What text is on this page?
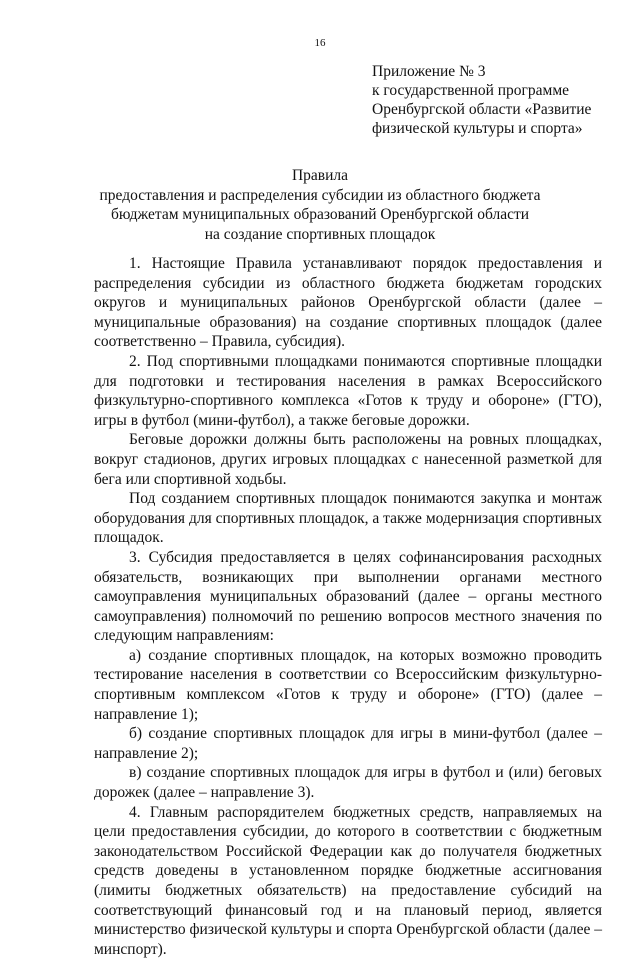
16
Приложение № 3
к государственной программе
Оренбургской области «Развитие
физической культуры и спорта»
Правила
предоставления и распределения субсидии из областного бюджета
бюджетам муниципальных образований Оренбургской области
на создание спортивных площадок

1. Настоящие Правила устанавливают порядок предоставления и распределения субсидии из областного бюджета бюджетам городских округов и муниципальных районов Оренбургской области (далее – муниципальные образования) на создание спортивных площадок (далее соответственно – Правила, субсидия).

2. Под спортивными площадками понимаются спортивные площадки для подготовки и тестирования населения в рамках Всероссийского физкультурно-спортивного комплекса «Готов к труду и обороне» (ГТО), игры в футбол (мини-футбол), а также беговые дорожки.

Беговые дорожки должны быть расположены на ровных площадках, вокруг стадионов, других игровых площадках с нанесенной разметкой для бега или спортивной ходьбы.

Под созданием спортивных площадок понимаются закупка и монтаж оборудования для спортивных площадок, а также модернизация спортивных площадок.

3. Субсидия предоставляется в целях софинансирования расходных обязательств, возникающих при выполнении органами местного самоуправления муниципальных образований (далее – органы местного самоуправления) полномочий по решению вопросов местного значения по следующим направлениям:

а) создание спортивных площадок, на которых возможно проводить тестирование населения в соответствии со Всероссийским физкультурно-спортивным комплексом «Готов к труду и обороне» (ГТО) (далее – направление 1);

б) создание спортивных площадок для игры в мини-футбол (далее – направление 2);

в) создание спортивных площадок для игры в футбол и (или) беговых дорожек (далее – направление 3).

4. Главным распорядителем бюджетных средств, направляемых на цели предоставления субсидии, до которого в соответствии с бюджетным законодательством Российской Федерации как до получателя бюджетных средств доведены в установленном порядке бюджетные ассигнования (лимиты бюджетных обязательств) на предоставление субсидий на соответствующий финансовый год и на плановый период, является министерство физической культуры и спорта Оренбургской области (далее – минспорт).
